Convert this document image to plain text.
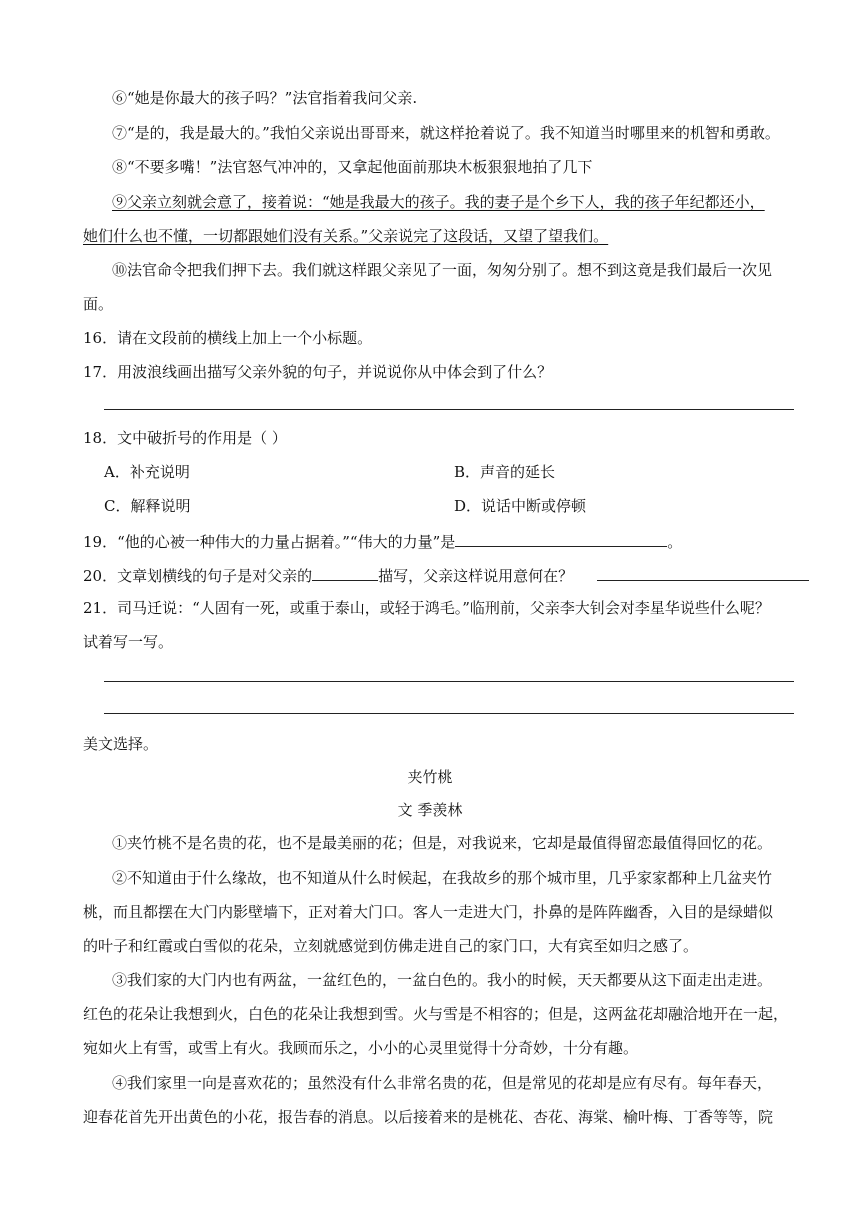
⑥“她是你最大的孩子吗？”法官指着我问父亲.
⑦“是的，我是最大的。”我怕父亲说出哥哥来，就这样抢着说了。我不知道当时哪里来的机智和勇敢。
⑧“不要多嘴！”法官怒气冲冲的，又拿起他面前那块木板狠狠地拍了几下
⑨父亲立刻就会意了，接着说：“她是我最大的孩子。我的妻子是个乡下人，我的孩子年纪都还小，
她们什么也不懂，一切都跟她们没有关系。”父亲说完了这段话，又望了望我们。
⑩法官命令把我们押下去。我们就这样跟父亲见了一面，匆匆分别了。想不到这竟是我们最后一次见
面。
16．请在文段前的横线上加上一个小标题。
17．用波浪线画出描写父亲外貌的句子，并说说你从中体会到了什么？
18．文中破折号的作用是（ ）
A．补充说明	B．声音的延长
C．解释说明	D．说话中断或停顿
19．“他的心被一种伟大的力量占据着。”“伟大的力量”是	。
20．文章划横线的句子是对父亲的	描写，父亲这样说用意何在？
21．司马迁说：“人固有一死，或重于泰山，或轻于鸿毛。”临刑前，父亲李大钊会对李星华说些什么呢？
试着写一写。
美文选择。
夹竹桃
文 季羡林
①夹竹桃不是名贵的花，也不是最美丽的花；但是，对我说来，它却是最值得留恋最值得回忆的花。
②不知道由于什么缘故，也不知道从什么时候起，在我故乡的那个城市里，几乎家家都种上几盆夹竹
桃，而且都摆在大门内影壁墙下，正对着大门口。客人一走进大门，扑鼻的是阵阵幽香，入目的是绿蜡似
的叶子和红霞或白雪似的花朵，立刻就感觉到仿佛走进自己的家门口，大有宾至如归之感了。
③我们家的大门内也有两盆，一盆红色的，一盆白色的。我小的时候，天天都要从这下面走出走进。
红色的花朵让我想到火，白色的花朵让我想到雪。火与雪是不相容的；但是，这两盆花却融洽地开在一起，
宛如火上有雪，或雪上有火。我顾而乐之，小小的心灵里觉得十分奇妙，十分有趣。
④我们家里一向是喜欢花的；虽然没有什么非常名贵的花，但是常见的花却是应有尽有。每年春天，
迎春花首先开出黄色的小花，报告春的消息。以后接着来的是桃花、杏花、海棠、榆叶梅、丁香等等，院
